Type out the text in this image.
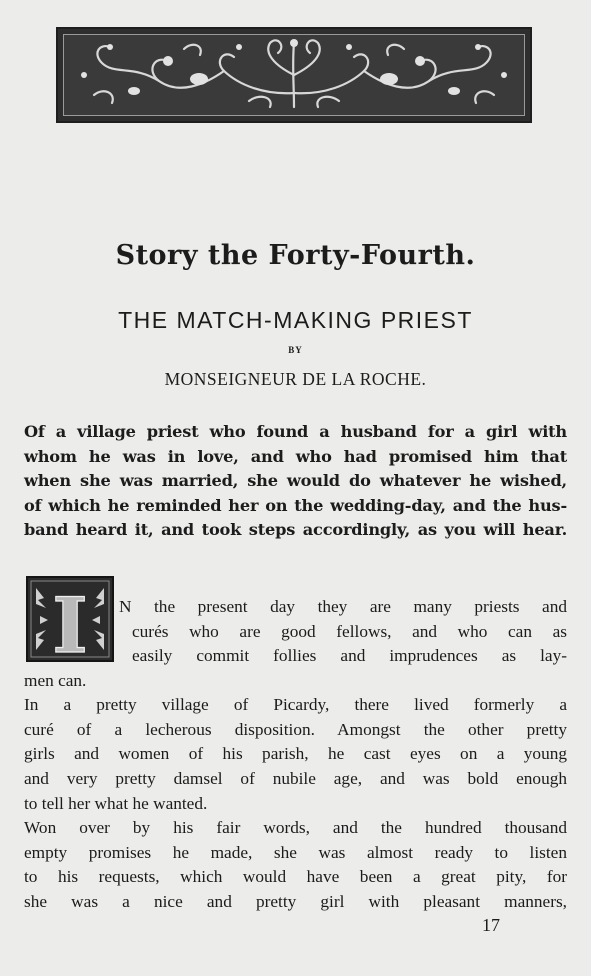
Story the Forty-Fourth.
THE MATCH-MAKING PRIEST
BY
MONSEIGNEUR DE LA ROCHE.
Of a village priest who found a husband for a girl with
whom he was in love, and who had promised him that
when she was married, she would do whatever he wished,
of which he reminded her on the wedding-day, and the hus-
band heard it, and took steps accordingly, as you will hear.
I	N the present day they are many priests and
curés who are good fellows, and who can as
easily commit follies and imprudences as lay-
men can.
In a pretty village of Picardy, there lived formerly a
curé of a lecherous disposition. Amongst the other pretty
girls and women of his parish, he cast eyes on a young
and very pretty damsel of nubile age, and was bold enough
to tell her what he wanted.
Won over by his fair words, and the hundred thousand
empty promises he made, she was almost ready to listen
to his requests, which would have been a great pity, for
she was a nice and pretty girl with pleasant manners,
17
